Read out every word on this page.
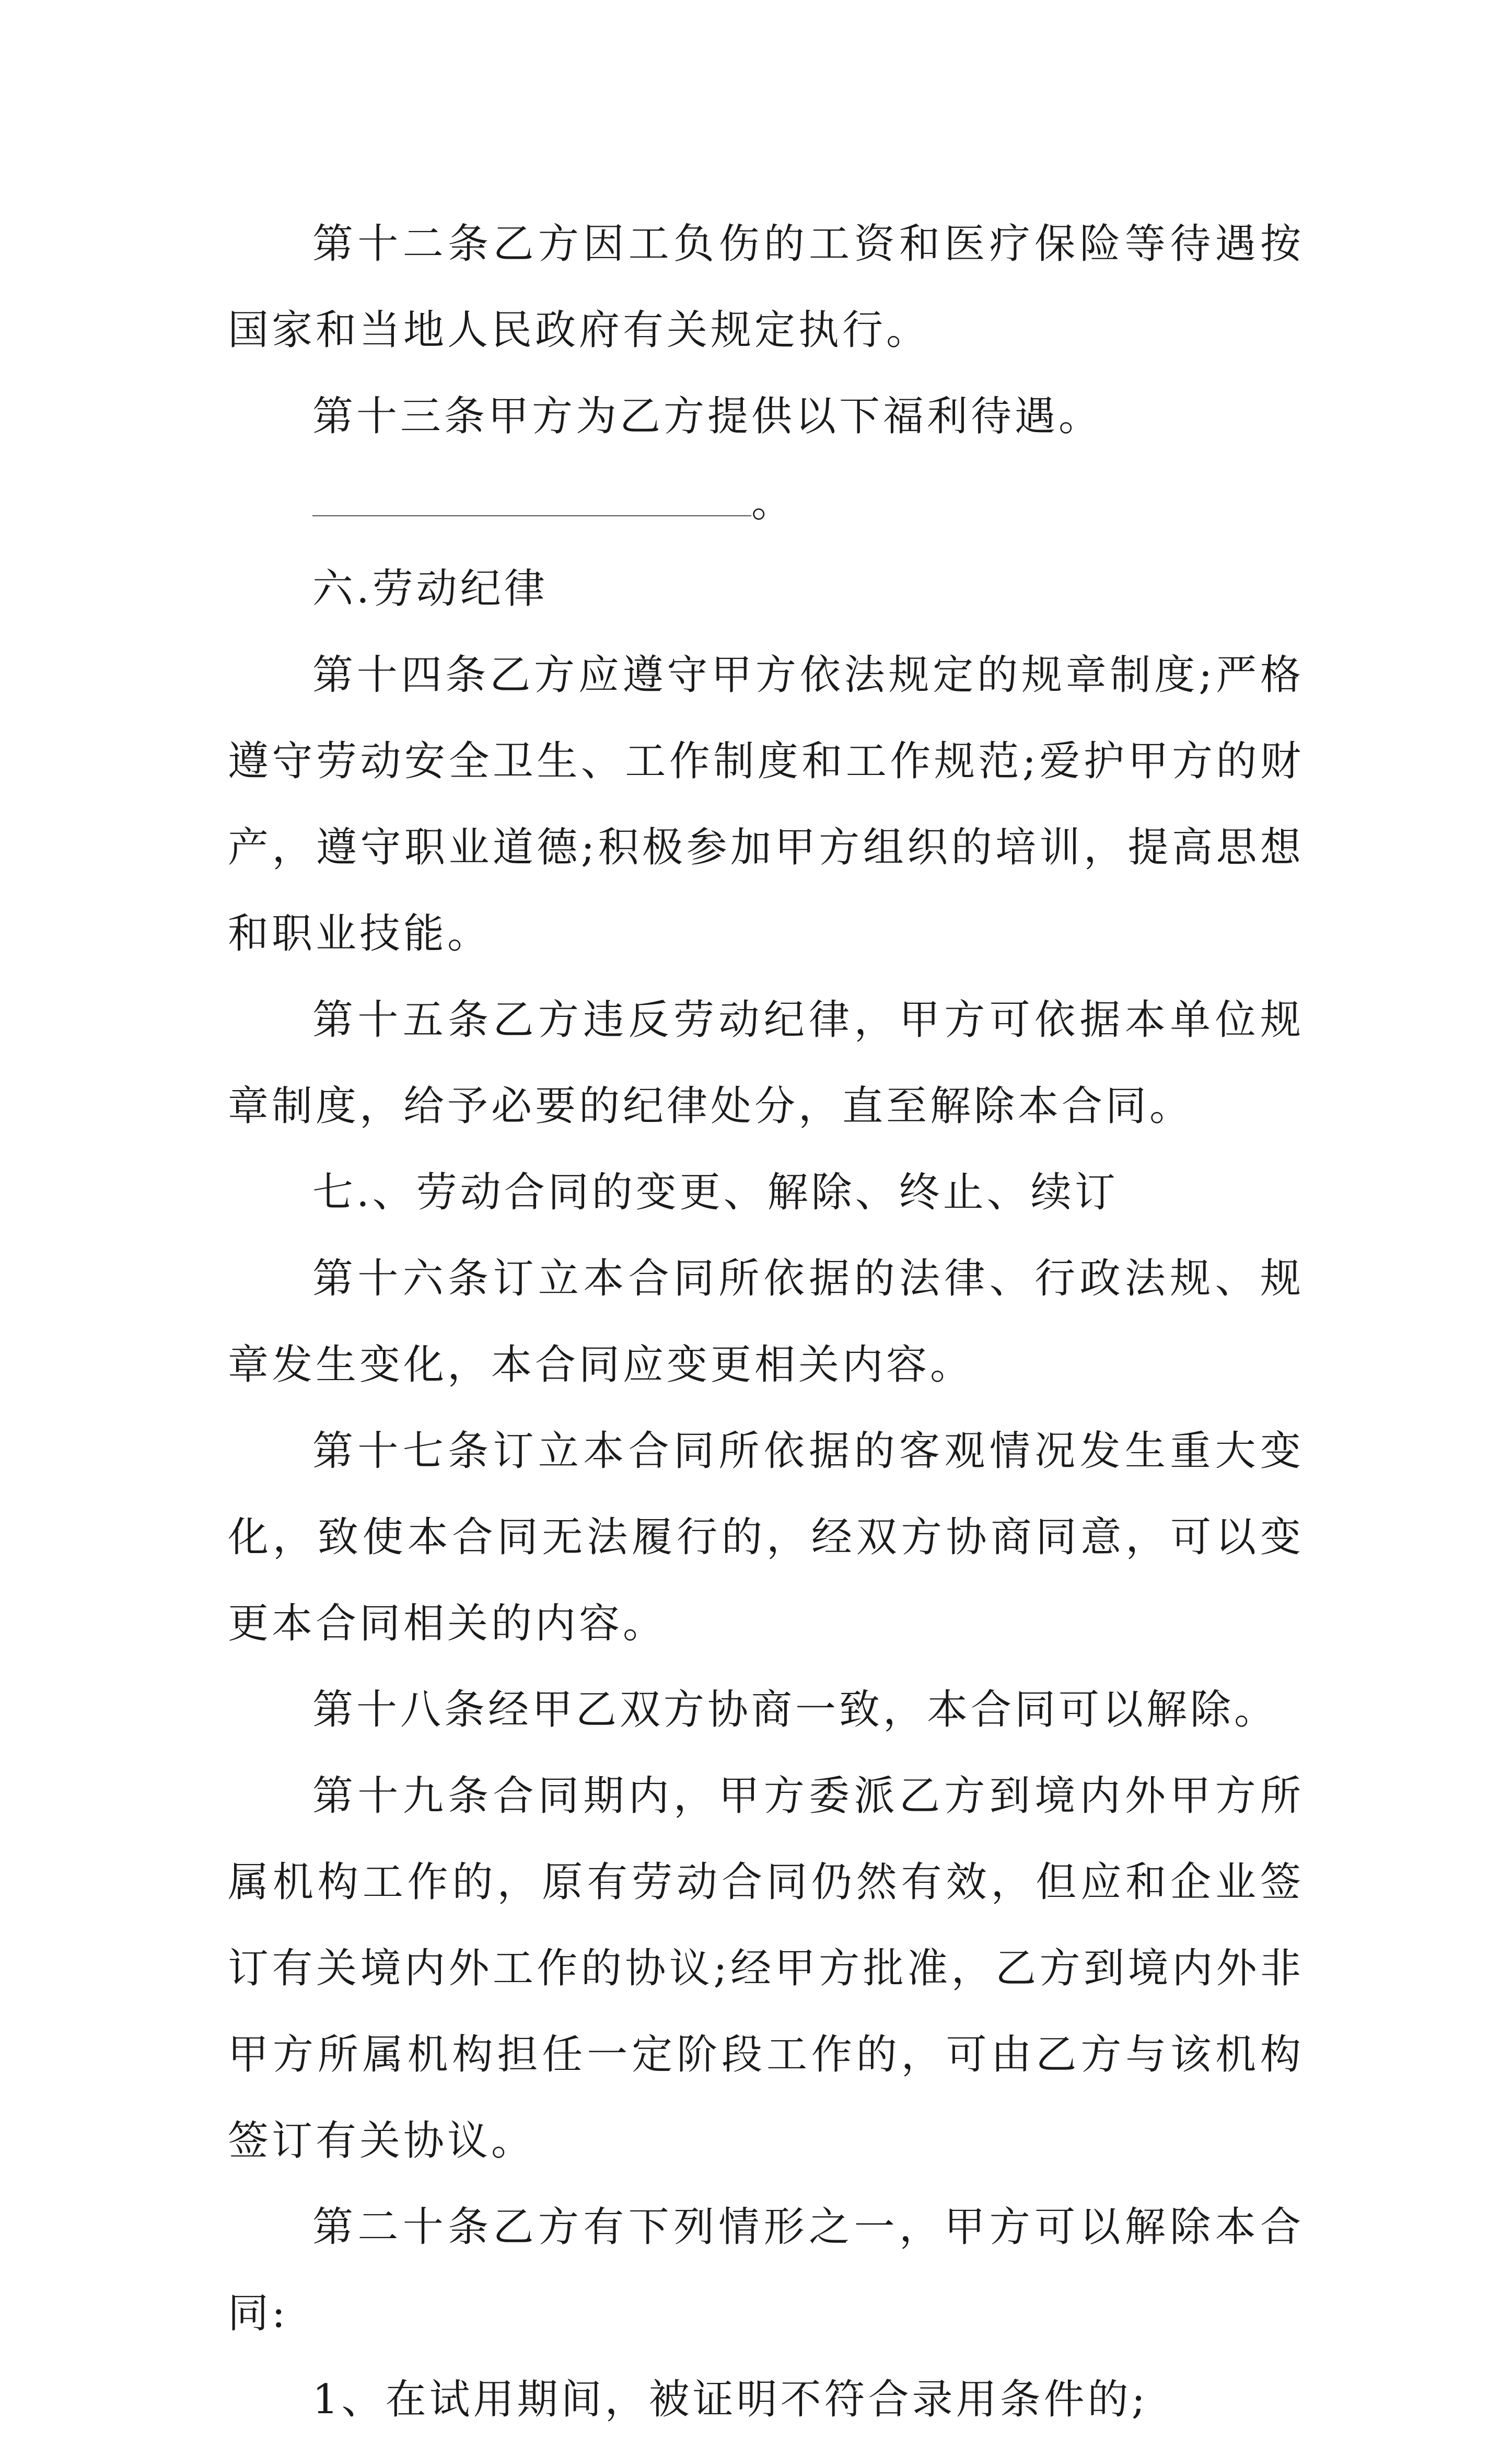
第十二条乙方因工负伤的工资和医疗保险等待遇按国家和当地人民政府有关规定执行。

第十三条甲方为乙方提供以下福利待遇。

。

六.劳动纪律

第十四条乙方应遵守甲方依法规定的规章制度;严格遵守劳动安全卫生、工作制度和工作规范;爱护甲方的财产，遵守职业道德;积极参加甲方组织的培训，提高思想和职业技能。

第十五条乙方违反劳动纪律，甲方可依据本单位规章制度，给予必要的纪律处分，直至解除本合同。

七.、劳动合同的变更、解除、终止、续订

第十六条订立本合同所依据的法律、行政法规、规章发生变化，本合同应变更相关内容。

第十七条订立本合同所依据的客观情况发生重大变化，致使本合同无法履行的，经双方协商同意，可以变更本合同相关的内容。

第十八条经甲乙双方协商一致，本合同可以解除。

第十九条合同期内，甲方委派乙方到境内外甲方所属机构工作的，原有劳动合同仍然有效，但应和企业签订有关境内外工作的协议;经甲方批准，乙方到境内外非甲方所属机构担任一定阶段工作的，可由乙方与该机构签订有关协议。

第二十条乙方有下列情形之一，甲方可以解除本合同:

1、在试用期间，被证明不符合录用条件的;
